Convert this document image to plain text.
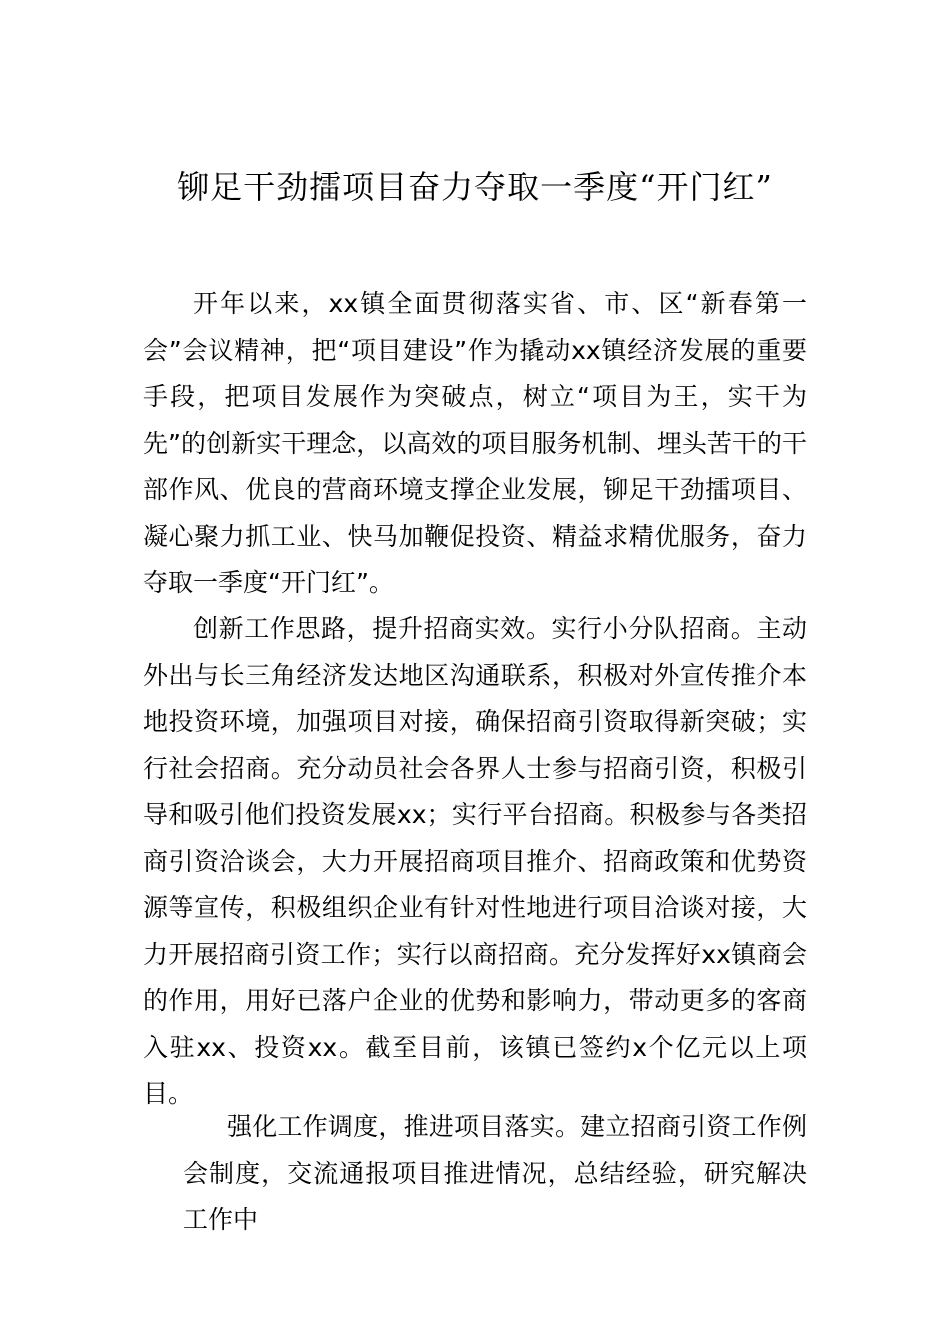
铆足干劲擂项目奋力夺取一季度“开门红”

开年以来，xx镇全面贯彻落实省、市、区“新春第一会”会议精神，把“项目建设”作为撬动xx镇经济发展的重要手段，把项目发展作为突破点，树立“项目为王，实干为先”的创新实干理念，以高效的项目服务机制、埋头苦干的干部作风、优良的营商环境支撑企业发展，铆足干劲擂项目、凝心聚力抓工业、快马加鞭促投资、精益求精优服务，奋力夺取一季度“开门红”。

创新工作思路，提升招商实效。实行小分队招商。主动外出与长三角经济发达地区沟通联系，积极对外宣传推介本地投资环境，加强项目对接，确保招商引资取得新突破；实行社会招商。充分动员社会各界人士参与招商引资，积极引导和吸引他们投资发展xx；实行平台招商。积极参与各类招商引资洽谈会，大力开展招商项目推介、招商政策和优势资源等宣传，积极组织企业有针对性地进行项目洽谈对接，大力开展招商引资工作；实行以商招商。充分发挥好xx镇商会的作用，用好已落户企业的优势和影响力，带动更多的客商入驻xx、投资xx。截至目前，该镇已签约x个亿元以上项目。

强化工作调度，推进项目落实。建立招商引资工作例会制度，交流通报项目推进情况，总结经验，研究解决工作中
